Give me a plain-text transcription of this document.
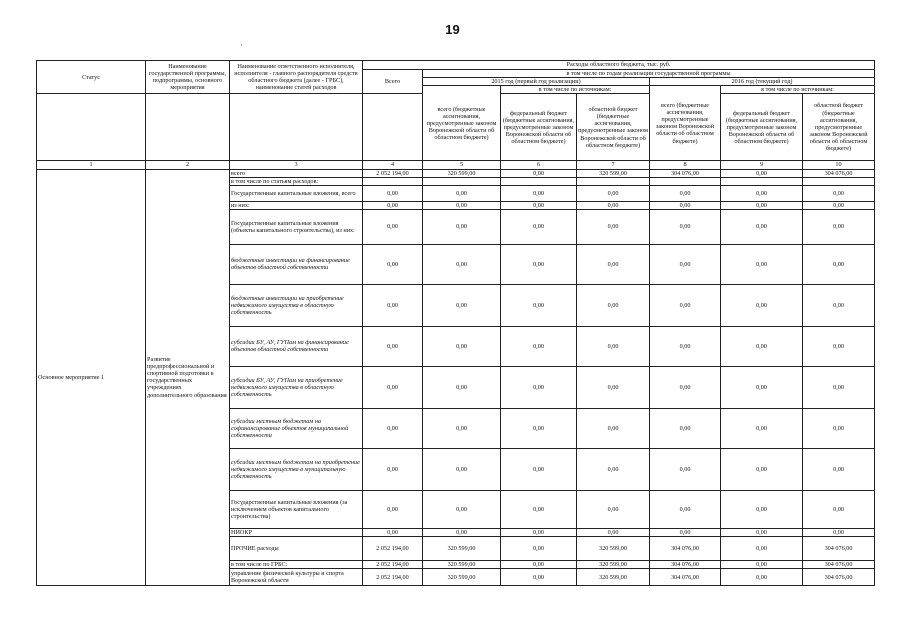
19
·
Статус	Наименование государственной программы, подпрограммы, основного мероприятия	Наименование ответственного исполнителя, исполнителя - главного распорядителя средств областного бюджета (далее - ГРБС), наименование статей расходов	Расходы областного бюджета, тыс. руб.						
			Всего	в том числе по годам реализации государственной программы					
				2015 год (первый год реализации)			2016 год (текущий год)		
				всего (бюджетные ассигнования, предусмотренные законом Воронежской области об областном бюджете)	в том числе по источникам:		всего (бюджетные ассигнования, предусмотренные законом Воронежской области об областном бюджете)	в том числе по источникам:	
					федеральный бюджет (бюджетные ассигнования, предусмотренные законом Воронежской области об областном бюджете)	областной бюджет (бюджетные ассигнования, предусмотренные законом Воронежской области об областном бюджете)		федеральный бюджет (бюджетные ассигнования, предусмотренные законом Воронежской области об областном бюджете)	областной бюджет (бюджетные ассигнования, предусмотренные законом Воронежской области об областном бюджете)
1	2	3	4	5	6	7	8	9	10
Основное мероприятие 1	Развитие предпрофессиональной и спортивной подготовки в государственных учреждениях дополнительного образования	всего	2 052 194,00	320 599,00	0,00	320 599,00	304 076,00	0,00	304 076,00
		в том числе по статьям расходов:							
		Государственные капитальные вложения, всего	0,00	0,00	0,00	0,00	0,00	0,00	0,00
		из них:	0,00	0,00	0,00	0,00	0,00	0,00	0,00
		Государственные капитальные вложения (объекты капитального строительства), из них:	0,00	0,00	0,00	0,00	0,00	0,00	0,00
		бюджетные инвестиции на финансирование объектов областной собственности	0,00	0,00	0,00	0,00	0,00	0,00	0,00
		бюджетные инвестиции на приобретение недвижимого имущества в областную собственность	0,00	0,00	0,00	0,00	0,00	0,00	0,00
		субсидии БУ, АУ, ГУПам на финансирование объектов областной собственности	0,00	0,00	0,00	0,00	0,00	0,00	0,00
		субсидии БУ, АУ, ГУПам на приобретение недвижимого имущества в областную собственность	0,00	0,00	0,00	0,00	0,00	0,00	0,00
		субсидии местным бюджетам на софинансирование объектов муниципальной собственности	0,00	0,00	0,00	0,00	0,00	0,00	0,00
		субсидии местным бюджетам на приобретение недвижимого имущества в муниципальную собственность	0,00	0,00	0,00	0,00	0,00	0,00	0,00
		Государственные капитальные вложения (за исключением объектов капитального строительства)	0,00	0,00	0,00	0,00	0,00	0,00	0,00
		НИОКР	0,00	0,00	0,00	0,00	0,00	0,00	0,00
		ПРОЧИЕ расходы	2 052 194,00	320 599,00	0,00	320 599,00	304 076,00	0,00	304 076,00
		в том числе по ГРБС:	2 052 194,00	320 599,00	0,00	320 599,00	304 076,00	0,00	304 076,00
		управление физической культуры и спорта Воронежской области	2 052 194,00	320 599,00	0,00	320 599,00	304 076,00	0,00	304 076,00
